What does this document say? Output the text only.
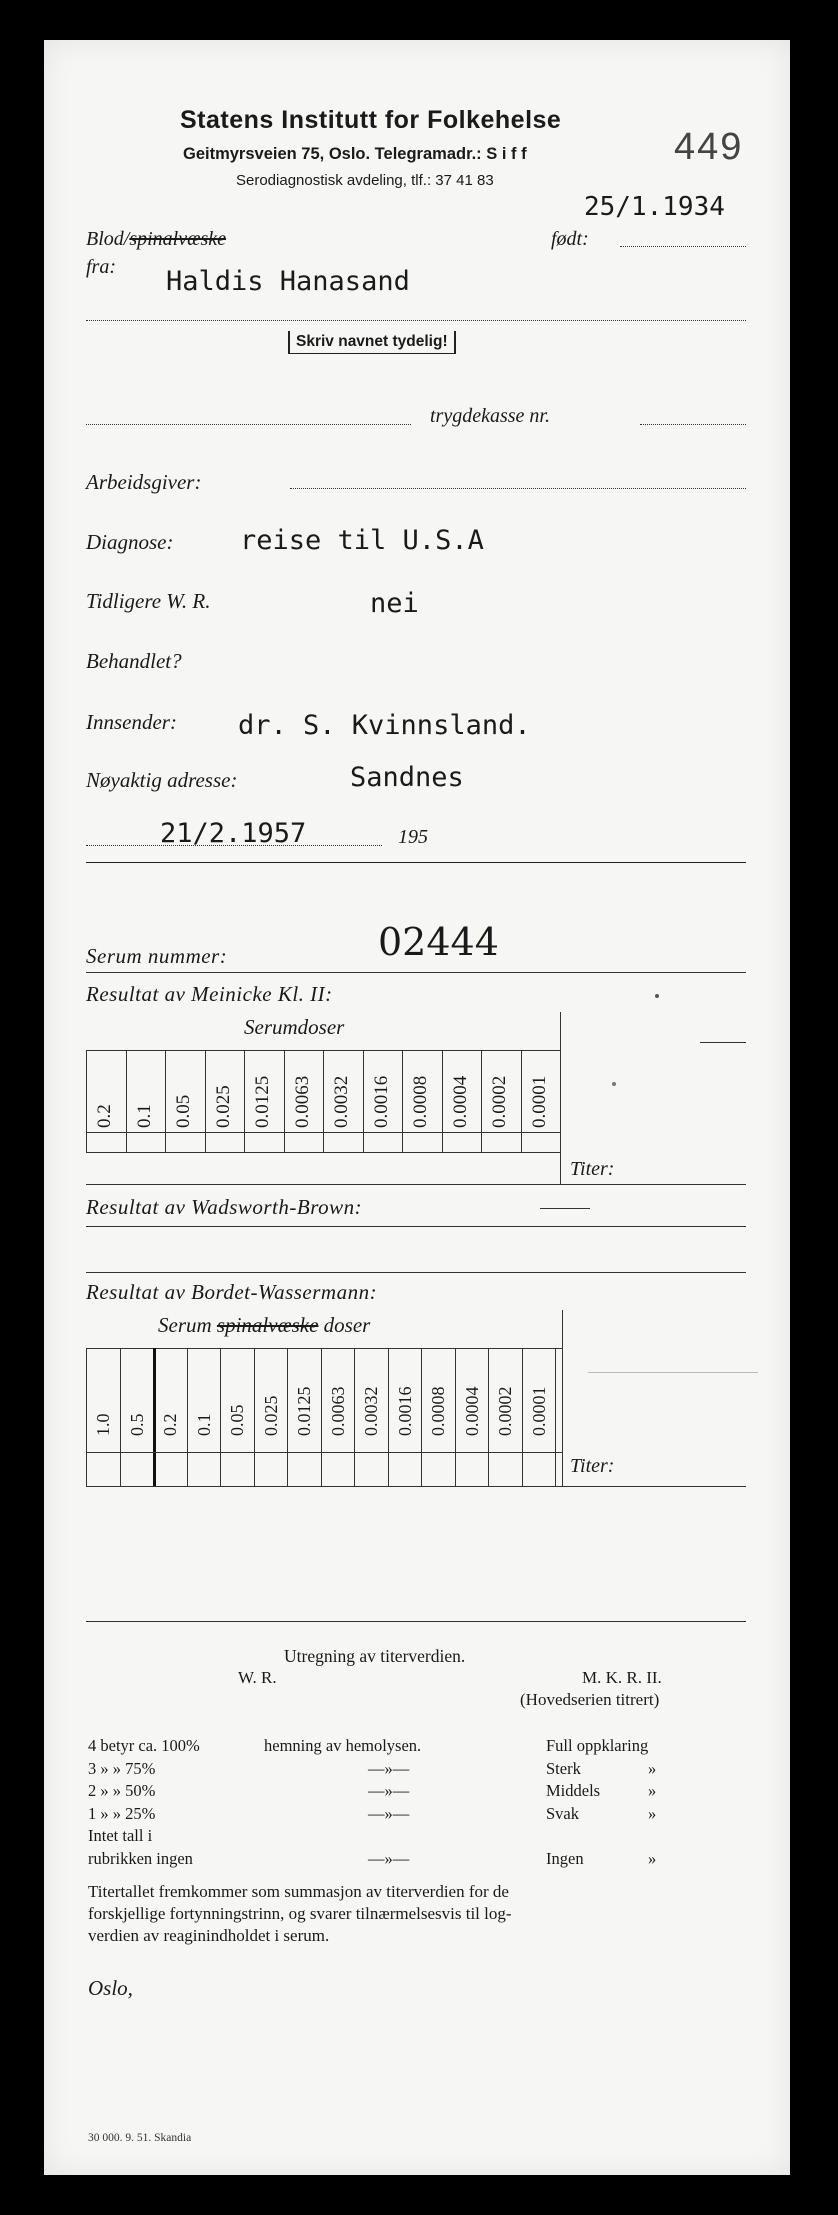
Statens Institutt for Folkehelse
Geitmyrsveien 75, Oslo. Telegramadr.: S i f f
Serodiagnostisk avdeling, tlf.: 37 41 83
449
25/1.1934
Blod/spinalvæske	født:
fra: Haldis Hanasand
Skriv navnet tydelig!
trygdekasse nr.
Arbeidsgiver:
Diagnose: reise til U.S.A
Tidligere W. R.	nei
Behandlet?
Innsender: dr. S. Kvinnsland.
Nøyaktig adresse:	Sandnes
21/2.1957	195
Serum nummer:	02444
Resultat av Meinicke Kl. II:
Serumdoser
0.2 0.1 0.05 0.025 0.0125 0.0063 0.0032 0.0016 0.0008 0.0004 0.0002 0.0001
Titer:
Resultat av Wadsworth-Brown:
Resultat av Bordet-Wassermann:
Serum spinalvæske doser
1.0 0.5 0.2 0.1 0.05 0.025 0.0125 0.0063 0.0032 0.0016 0.0008 0.0004 0.0002 0.0001
Titer:
Utregning av titerverdien.
W. R.	M. K. R. II.
(Hovedserien titrert)
4 betyr ca. 100%	hemning av hemolysen.	Full oppklaring
3 » » 75%	—»—	Sterk	»
2 » » 50%	—»—	Middels	»
1 » » 25%	—»—	Svak	»
Intet tall i
rubrikken ingen	—»—	Ingen	»
Titertallet fremkommer som summasjon av titerverdien for de
forskjellige fortynningstrinn, og svarer tilnærmelsesvis til log-
verdien av reaginindholdet i serum.
Oslo,
30 000. 9. 51. Skandia
